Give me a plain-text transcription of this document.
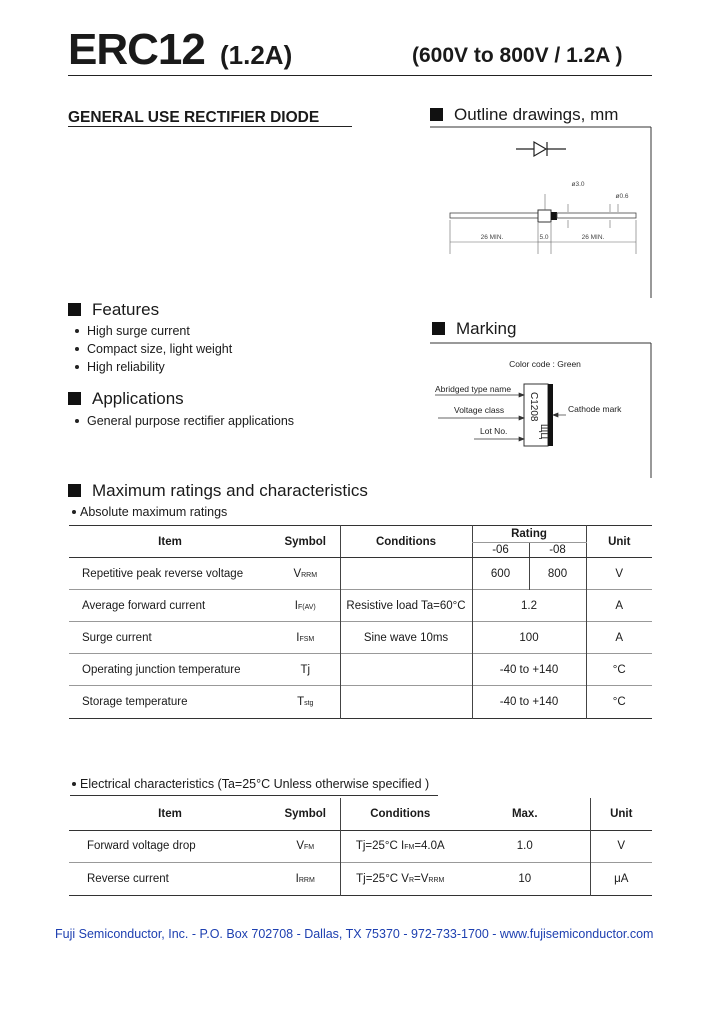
ERC12 (1.2A)	(600V to 800V / 1.2A )
GENERAL USE RECTIFIER DIODE	Outline drawings, mm
26 MIN.	5.0	26 MIN.
ø3.0
ø0.6
Features
High surge current
Compact size, light weight
High reliability
Applications
General purpose rectifier applications
Marking
Color code : Green
C1208
ЩЦ
Abridged type name
Voltage class
Lot No.
Cathode mark
Maximum ratings and characteristics
Absolute maximum ratings
Item	Symbol	Conditions	Rating		Unit
			-06	-08	
Repetitive peak reverse voltage	VRRM		600	800	V
Average forward current	IF(AV)	Resistive load Ta=60°C	1.2		A
Surge current	IFSM	Sine wave 10ms	100		A
Operating junction temperature	Tj		-40 to +140		°C
Storage temperature	Tstg		-40 to +140		°C
Electrical characteristics (Ta=25°C Unless otherwise specified )
Item	Symbol	Conditions	Max.	Unit
Forward voltage drop	VFM	Tj=25°C IFM=4.0A	1.0	V
Reverse current	IRRM	Tj=25°C VR=VRRM	10	μA
Fuji Semiconductor, Inc. - P.O. Box 702708 - Dallas, TX 75370 - 972-733-1700 - www.fujisemiconductor.com
